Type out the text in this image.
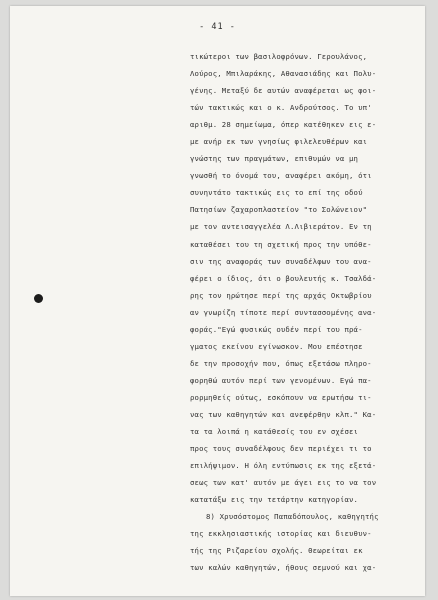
- 41 -
τικώτεροι των βασιλοφρόνων. Γερουλάνος,
Λούρος, Μπιλαράκης, Αθανασιάδης και Πολυ-
γένης. Μεταξύ δε αυτών αναφέρεται ως φοι-
τών τακτικώς και ο κ. Ανδρούτσος. Το υπ'
αριθμ. 28 σημείωμα, όπερ κατέθηκεν εις ε-
με ανήρ εκ των γνησίως φιλελευθέρων και
γνώστης των πραγμάτων, επιθυμών να μη
γνωσθή το όνομά του, αναφέρει ακόμη, ότι
συνηντάτο τακτικώς εις το επί της οδού
Πατησίων ζαχαροπλαστείον "το Σολώνειον"
με τον αντεισαγγελέα Λ.Λιβιεράτον. Εν τη
καταθέσει του τη σχετική προς την υπόθε-
σιν της αναφοράς των συναδέλφων του ανα-
φέρει ο ίδιος, ότι ο βουλευτής κ. Τσαλδά-
ρης τον ηρώτησε περί της αρχάς Οκτωβρίου
αν γνωρίζη τίποτε περί συντασσομένης ανα-
φοράς."Εγώ φυσικώς ουδέν περί του πρά-
γματος εκείνου εγίνωσκον. Μου επέστησε
δε την προσοχήν που, όπως εξετάσω πληρο-
φορηθώ αυτόν περί των γενομένων. Εγώ πα-
ρορμηθείς ούτως, εσκόπουν να ερωτήσω τι-
νας των καθηγητών και ανεφέρθην κλπ." Κα-
τα τα λοιπά η κατάθεσίς του εν σχέσει
προς τους συναδέλφους δεν περιέχει τι το
επιλήψιμον. Η όλη εντύπωσις εκ της εξετά-
σεως των κατ' αυτόν με άγει εις το να τον
κατατάξω εις την τετάρτην κατηγορίαν.
8) Χρυσόστομος Παπαδόπουλος, καθηγητής
της εκκλησιαστικής ιστορίας και διευθυν-
τής της Ριζαρείου σχολής. Θεωρείται εκ
των καλών καθηγητών, ήθους σεμνού και χα-
